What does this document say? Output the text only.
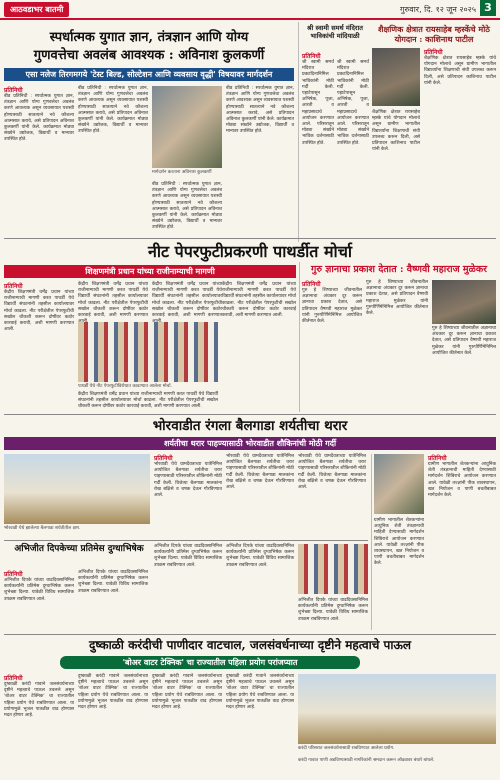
आठवडाभर बातमी	गुरुवार, दि. १२ जून २०२५ 3
स्पर्धात्मक युगात ज्ञान, तंत्रज्ञान आणि योग्य
गुणवत्तेचा अवलंब आवश्यक : अविनाश कुलकर्णी
एसा नलेज तिरगमगये 'टेस्ट बिल्ड, सोल्टेशन आणि व्यवसाय वृद्धी' विषयावर मार्गदर्शन
प्रतिनिधी
बीड प्रतिनिधी : स्पर्धात्मक युगात ज्ञान, तंत्रज्ञान आणि योग्य गुणवत्तेचा अवलंब करणे आवश्यक असून व्यवसायात यशस्वी होण्यासाठी सातत्याने नवे कौशल्य आत्मसात करावे, असे प्रतिपादन अविनाश कुलकर्णी यांनी केले. कार्यक्रमात मोठ्या संख्येने उद्योजक, विद्यार्थी व मान्यवर उपस्थित होते.
बीड प्रतिनिधी : स्पर्धात्मक युगात ज्ञान, तंत्रज्ञान आणि योग्य गुणवत्तेचा अवलंब करणे आवश्यक असून व्यवसायात यशस्वी होण्यासाठी सातत्याने नवे कौशल्य आत्मसात करावे, असे प्रतिपादन अविनाश कुलकर्णी यांनी केले. कार्यक्रमात मोठ्या संख्येने उद्योजक, विद्यार्थी व मान्यवर उपस्थित होते.
मार्गदर्शन करताना अविनाश कुलकर्णी
बीड प्रतिनिधी : स्पर्धात्मक युगात ज्ञान, तंत्रज्ञान आणि योग्य गुणवत्तेचा अवलंब करणे आवश्यक असून व्यवसायात यशस्वी होण्यासाठी सातत्याने नवे कौशल्य आत्मसात करावे, असे प्रतिपादन अविनाश कुलकर्णी यांनी केले. कार्यक्रमात मोठ्या संख्येने उद्योजक, विद्यार्थी व मान्यवर उपस्थित होते.
बीड प्रतिनिधी : स्पर्धात्मक युगात ज्ञान, तंत्रज्ञान आणि योग्य गुणवत्तेचा अवलंब करणे आवश्यक असून व्यवसायात यशस्वी होण्यासाठी सातत्याने नवे कौशल्य आत्मसात करावे, असे प्रतिपादन अविनाश कुलकर्णी यांनी केले. कार्यक्रमात मोठ्या संख्येने उद्योजक, विद्यार्थी व मान्यवर उपस्थित होते.
श्री स्वामी समर्थ मंदिरात भाविकांची मांदियाळी
प्रतिनिधी
श्री स्वामी समर्थ मंदिरात प्रकटदिनानिमित्त भाविकांनी मोठी गर्दी केली. पहाटेपासून अभिषेक, पूजा, आरती व महाप्रसादाचे आयोजन करण्यात आले. परिसरातून मोठ्या संख्येने भाविक दर्शनासाठी उपस्थित होते.
श्री स्वामी समर्थ मंदिरात प्रकटदिनानिमित्त भाविकांनी मोठी गर्दी केली. पहाटेपासून अभिषेक, पूजा, आरती व महाप्रसादाचे आयोजन करण्यात आले. परिसरातून मोठ्या संख्येने भाविक दर्शनासाठी उपस्थित होते.
शैक्षणिक क्षेत्रात रायसाहेब म्हस्केंचे मोठे योगदान : काशिनाथ पाटील
प्रतिनिधी
शैक्षणिक क्षेत्रात रायसाहेब म्हस्के यांचे योगदान मोलाचे असून ग्रामीण भागातील विद्यार्थ्यांना शिक्षणाची संधी उपलब्ध करून दिली, असे प्रतिपादन काशिनाथ पाटील यांनी केले.
शैक्षणिक क्षेत्रात रायसाहेब म्हस्के यांचे योगदान मोलाचे असून ग्रामीण भागातील विद्यार्थ्यांना शिक्षणाची संधी उपलब्ध करून दिली, असे प्रतिपादन काशिनाथ पाटील यांनी केले.
नीट पेपरफुटीप्रकरणी पाथर्डीत मोर्चा
शिक्षणमंत्री प्रधान यांच्या राजीनाम्याची मागणी
प्रतिनिधी
केंद्रीय शिक्षणमंत्री धर्मेंद्र प्रधान यांच्या राजीनाम्याची मागणी करत पाथर्डी येथे विद्यार्थी संघटनांनी तहसील कार्यालयावर मोर्चा काढला. नीट परीक्षेतील पेपरफुटीची सखोल चौकशी करून दोषींवर कठोर कारवाई करावी, अशी मागणी करण्यात आली.
केंद्रीय शिक्षणमंत्री धर्मेंद्र प्रधान यांच्या राजीनाम्याची मागणी करत पाथर्डी येथे विद्यार्थी संघटनांनी तहसील कार्यालयावर मोर्चा काढला. नीट परीक्षेतील पेपरफुटीची सखोल चौकशी करून दोषींवर कठोर कारवाई करावी, अशी मागणी करण्यात
पाथर्डी येथे नीट पेपरफुटीविरोधात काढण्यात आलेला मोर्चा.
केंद्रीय शिक्षणमंत्री धर्मेंद्र प्रधान यांच्या राजीनाम्याची मागणी करत पाथर्डी येथे विद्यार्थी संघटनांनी तहसील कार्यालयावर मोर्चा काढला. नीट परीक्षेतील पेपरफुटीची सखोल चौकशी करून दोषींवर कठोर कारवाई करावी, अशी मागणी करण्यात आली.
केंद्रीय शिक्षणमंत्री धर्मेंद्र प्रधान यांच्या राजीनाम्याची मागणी करत पाथर्डी येथे विद्यार्थी संघटनांनी तहसील कार्यालयावर मोर्चा काढला. नीट परीक्षेतील पेपरफुटीची सखोल चौकशी करून दोषींवर कठोर कारवाई करावी, अशी मागणी करण्यात आली.
केंद्रीय शिक्षणमंत्री धर्मेंद्र प्रधान यांच्या राजीनाम्याची मागणी करत पाथर्डी येथे विद्यार्थी संघटनांनी तहसील कार्यालयावर मोर्चा काढला. नीट परीक्षेतील पेपरफुटीची सखोल चौकशी करून दोषींवर कठोर कारवाई करावी, अशी मागणी करण्यात आली.
गुरु ज्ञानाचा प्रकाश देतात : वैष्णवी महाराज मुळेकर
प्रतिनिधी
गुरु हे शिष्याच्या जीवनातील अज्ञानाचा अंधकार दूर करून ज्ञानाचा प्रकाश देतात, असे प्रतिपादन वैष्णवी महाराज मुळेकर यांनी गुरुपौर्णिमेनिमित्त आयोजित कीर्तनात केले.
गुरु हे शिष्याच्या जीवनातील अज्ञानाचा अंधकार दूर करून ज्ञानाचा प्रकाश देतात, असे प्रतिपादन वैष्णवी महाराज मुळेकर यांनी गुरुपौर्णिमेनिमित्त आयोजित कीर्तनात केले.
गुरु हे शिष्याच्या जीवनातील अज्ञानाचा अंधकार दूर करून ज्ञानाचा प्रकाश देतात, असे प्रतिपादन वैष्णवी महाराज मुळेकर यांनी गुरुपौर्णिमेनिमित्त आयोजित कीर्तनात केले.
भोरवाडीत रंगला बैलगाडा शर्यतीचा थरार
शर्यतीचा थरार पाहण्यासाठी भोरवाडीत शौकिनांची मोठी गर्दी
भोरवाडी येथे झालेल्या बैलगाडा शर्यतीतील क्षण.
प्रतिनिधी
भोरवाडी येथे ग्रामदैवताच्या यात्रेनिमित्त आयोजित बैलगाडा शर्यतीचा थरार पाहण्यासाठी परिसरातील शौकिनांनी मोठी गर्दी केली. विजेत्या बैलगाडा मालकांना रोख बक्षिसे व चषक देऊन गौरविण्यात आले.
भोरवाडी येथे ग्रामदैवताच्या यात्रेनिमित्त आयोजित बैलगाडा शर्यतीचा थरार पाहण्यासाठी परिसरातील शौकिनांनी मोठी गर्दी केली. विजेत्या बैलगाडा मालकांना रोख बक्षिसे व चषक देऊन गौरविण्यात आले.
भोरवाडी येथे ग्रामदैवताच्या यात्रेनिमित्त आयोजित बैलगाडा शर्यतीचा थरार पाहण्यासाठी परिसरातील शौकिनांनी मोठी गर्दी केली. विजेत्या बैलगाडा मालकांना रोख बक्षिसे व चषक देऊन गौरविण्यात आले.
प्रतिनिधी
ग्रामीण भागातील शेतकऱ्यांना आधुनिक शेती तंत्रज्ञानाची माहिती देण्यासाठी मार्गदर्शन शिबिराचे आयोजन करण्यात आले. यावेळी तज्ज्ञांनी पीक व्यवस्थापन, खत नियोजन व पाणी बचतीबाबत मार्गदर्शन केले.
ग्रामीण भागातील शेतकऱ्यांना आधुनिक शेती तंत्रज्ञानाची माहिती देण्यासाठी मार्गदर्शन शिबिराचे आयोजन करण्यात आले. यावेळी तज्ज्ञांनी पीक व्यवस्थापन, खत नियोजन व पाणी बचतीबाबत मार्गदर्शन केले.
अभिजीत दिपकेच्या प्रतिमेस दुग्धाभिषेक
प्रतिनिधी
अभिजीत दिपके यांच्या वाढदिवसानिमित्त कार्यकर्त्यांनी प्रतिमेस दुग्धाभिषेक करून शुभेच्छा दिल्या. यावेळी विविध सामाजिक उपक्रम राबविण्यात आले.
अभिजीत दिपके यांच्या वाढदिवसानिमित्त कार्यकर्त्यांनी प्रतिमेस दुग्धाभिषेक करून शुभेच्छा दिल्या. यावेळी विविध सामाजिक उपक्रम राबविण्यात आले.
अभिजीत दिपके यांच्या वाढदिवसानिमित्त कार्यकर्त्यांनी प्रतिमेस दुग्धाभिषेक करून शुभेच्छा दिल्या. यावेळी विविध सामाजिक उपक्रम राबविण्यात आले.
अभिजीत दिपके यांच्या वाढदिवसानिमित्त कार्यकर्त्यांनी प्रतिमेस दुग्धाभिषेक करून शुभेच्छा दिल्या. यावेळी विविध सामाजिक उपक्रम राबविण्यात आले.
अभिजीत दिपके यांच्या वाढदिवसानिमित्त कार्यकर्त्यांनी प्रतिमेस दुग्धाभिषेक करून शुभेच्छा दिल्या. यावेळी विविध सामाजिक उपक्रम राबविण्यात आले.
दुष्काळी करंदीची पाणीदार वाटचाल, जलसंवर्धनाच्या दृष्टीने महत्वाचे पाऊल
'बोअर वाटर टेक्निक' चा राज्यातील पहिला प्रयोग परांजप्यात
प्रतिनिधी
दुष्काळी करंदी गावाने जलसंवर्धनाच्या दृष्टीने महत्वाचे पाऊल उचलले असून 'बोअर वाटर टेक्निक' चा राज्यातील पहिला प्रयोग येथे राबविण्यात आला. या प्रयोगामुळे भूजल पातळीत वाढ होण्यास मदत होणार आहे.
दुष्काळी करंदी गावाने जलसंवर्धनाच्या दृष्टीने महत्वाचे पाऊल उचलले असून 'बोअर वाटर टेक्निक' चा राज्यातील पहिला प्रयोग येथे राबविण्यात आला. या प्रयोगामुळे भूजल पातळीत वाढ होण्यास मदत होणार आहे.
दुष्काळी करंदी गावाने जलसंवर्धनाच्या दृष्टीने महत्वाचे पाऊल उचलले असून 'बोअर वाटर टेक्निक' चा राज्यातील पहिला प्रयोग येथे राबविण्यात आला. या प्रयोगामुळे भूजल पातळीत वाढ होण्यास मदत होणार आहे.
दुष्काळी करंदी गावाने जलसंवर्धनाच्या दृष्टीने महत्वाचे पाऊल उचलले असून 'बोअर वाटर टेक्निक' चा राज्यातील पहिला प्रयोग येथे राबविण्यात आला. या प्रयोगामुळे भूजल पातळीत वाढ होण्यास मदत होणार आहे.
करंदी परिसरात जलसंवर्धनासाठी राबविण्यात आलेला प्रयोग.
करंदी गावात पाणी अडविण्यासाठी नागरिकांनी श्रमदान करून ओढ्यावर बंधारे बांधले.
